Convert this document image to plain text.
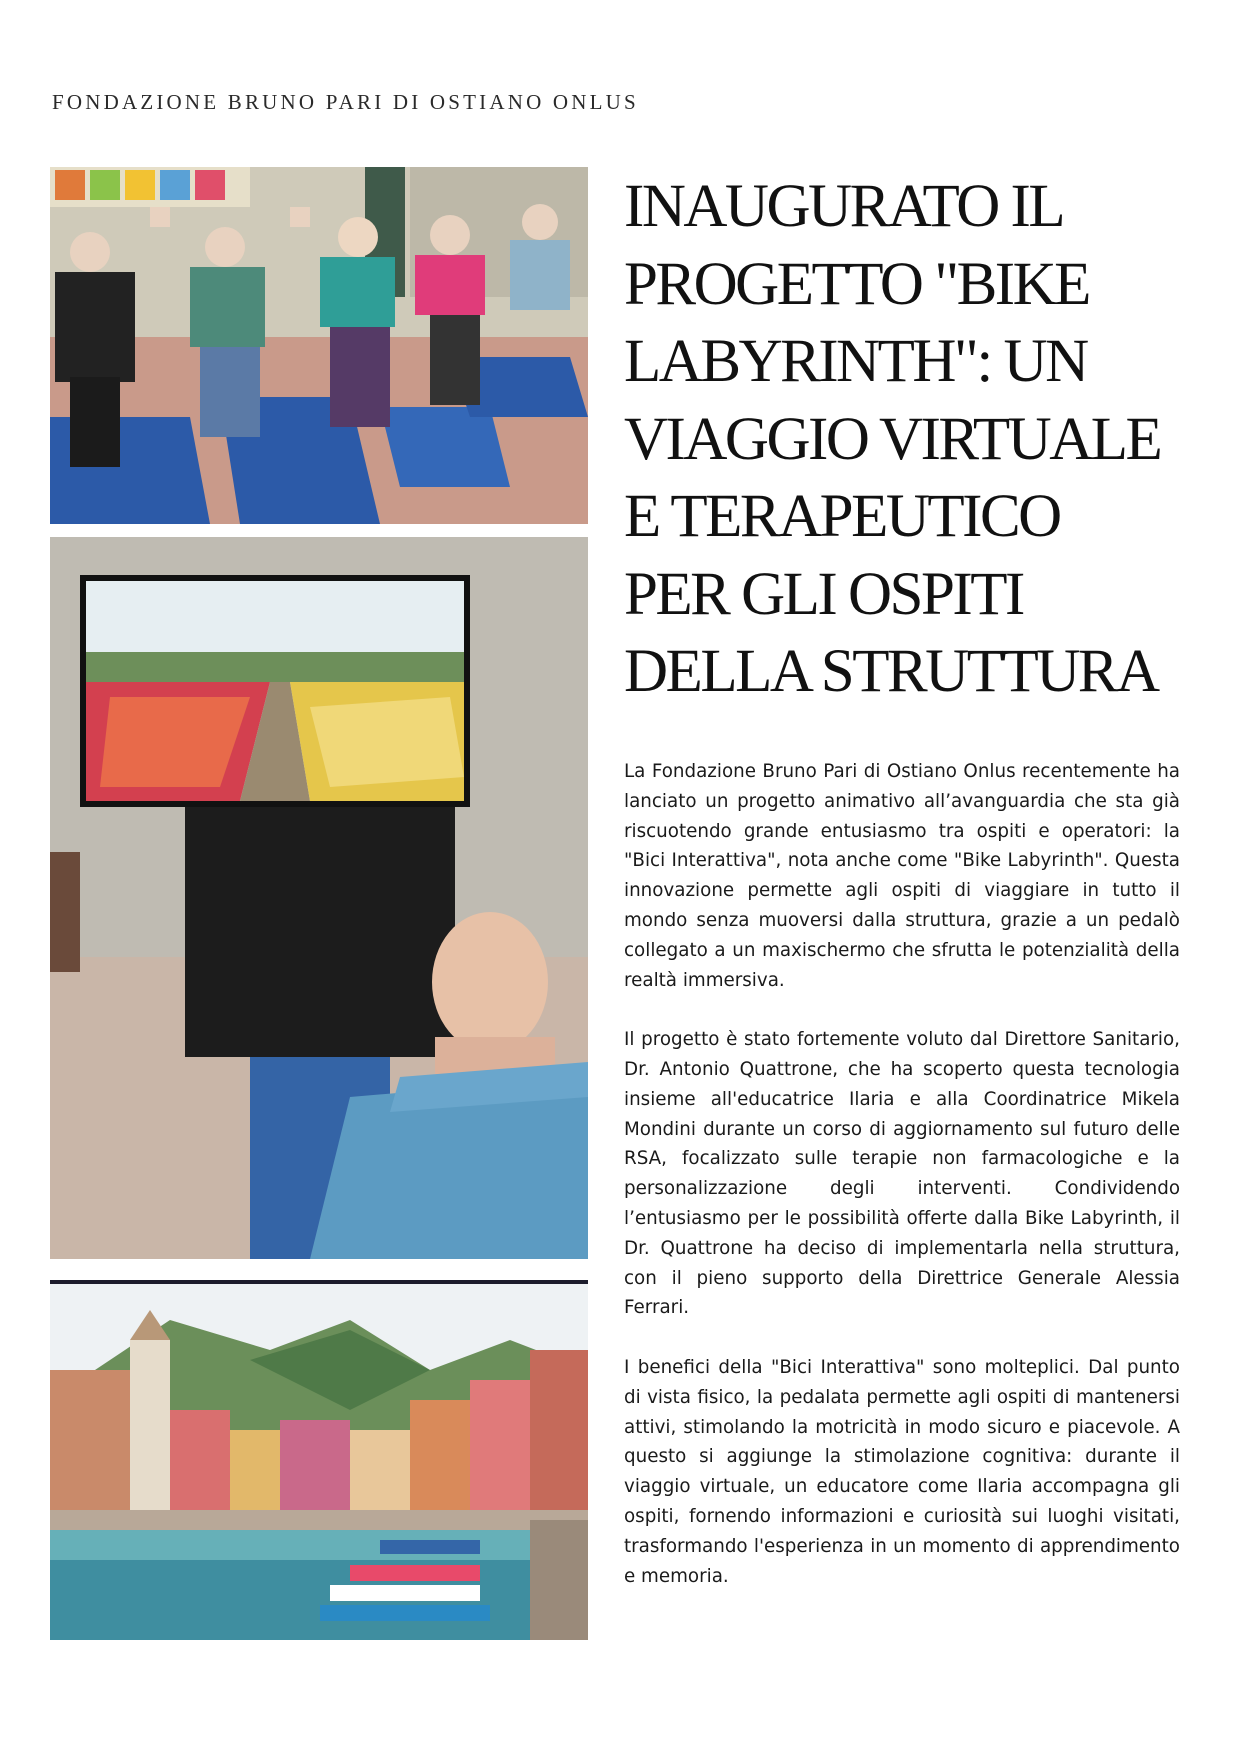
FONDAZIONE BRUNO PARI DI OSTIANO ONLUS
INAUGURATO IL
PROGETTO "BIKE
LABYRINTH": UN
VIAGGIO VIRTUALE
E TERAPEUTICO
PER GLI OSPITI
DELLA STRUTTURA

La Fondazione Bruno Pari di Ostiano Onlus recentemente ha lanciato un progetto animativo all’avanguardia che sta già riscuotendo grande entusiasmo tra ospiti e operatori: la "Bici Interattiva", nota anche come "Bike Labyrinth". Questa innovazione permette agli ospiti di viaggiare in tutto il mondo senza muoversi dalla struttura, grazie a un pedalò collegato a un maxischermo che sfrutta le potenzialità della realtà immersiva.

Il progetto è stato fortemente voluto dal Direttore Sanitario, Dr. Antonio Quattrone, che ha scoperto questa tecnologia insieme all'educatrice Ilaria e alla Coordinatrice Mikela Mondini durante un corso di aggiornamento sul futuro delle RSA, focalizzato sulle terapie non farmacologiche e la personalizzazione degli interventi. Condividendo l’entusiasmo per le possibilità offerte dalla Bike Labyrinth, il Dr. Quattrone ha deciso di implementarla nella struttura, con il pieno supporto della Direttrice Generale Alessia Ferrari.

I benefici della "Bici Interattiva" sono molteplici. Dal punto di vista fisico, la pedalata permette agli ospiti di mantenersi attivi, stimolando la motricità in modo sicuro e piacevole. A questo si aggiunge la stimolazione cognitiva: durante il viaggio virtuale, un educatore come Ilaria accompagna gli ospiti, fornendo informazioni e curiosità sui luoghi visitati, trasformando l'esperienza in un momento di apprendimento e memoria.
